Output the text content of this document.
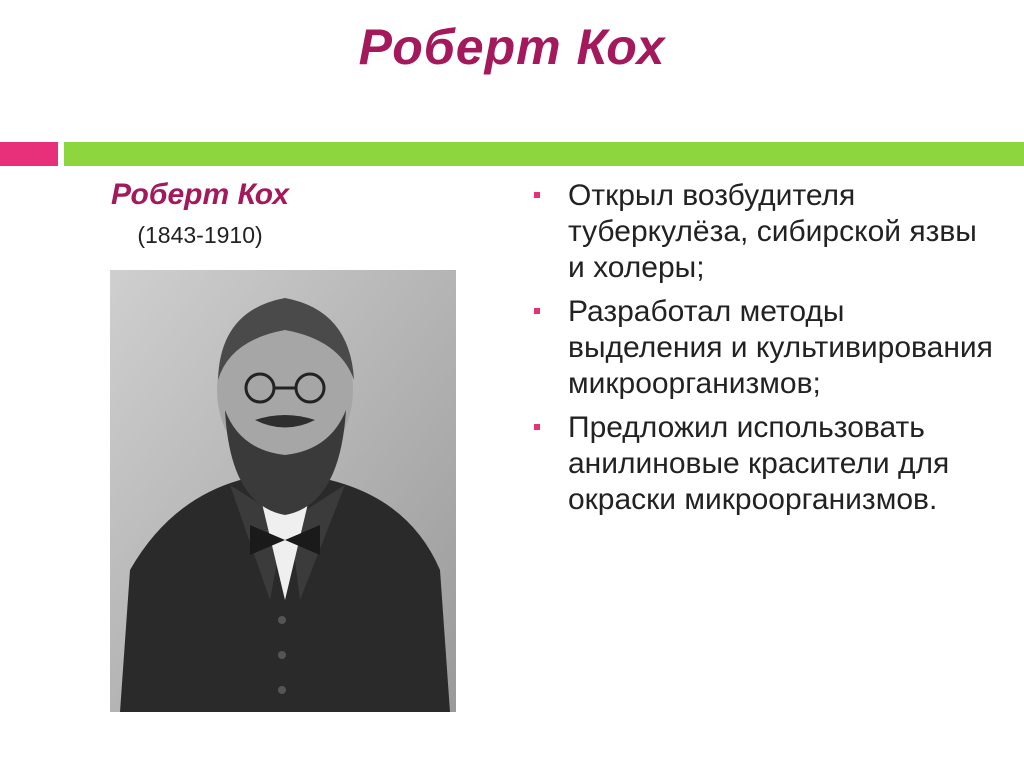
Роберт Кох
Роберт Кох
(1843-1910)
Открыл возбудителя туберкулёза, сибирской язвы и холеры;
Разработал методы выделения и культивирования микроорганизмов;
Предложил использовать анилиновые красители для окраски микроорганизмов.
